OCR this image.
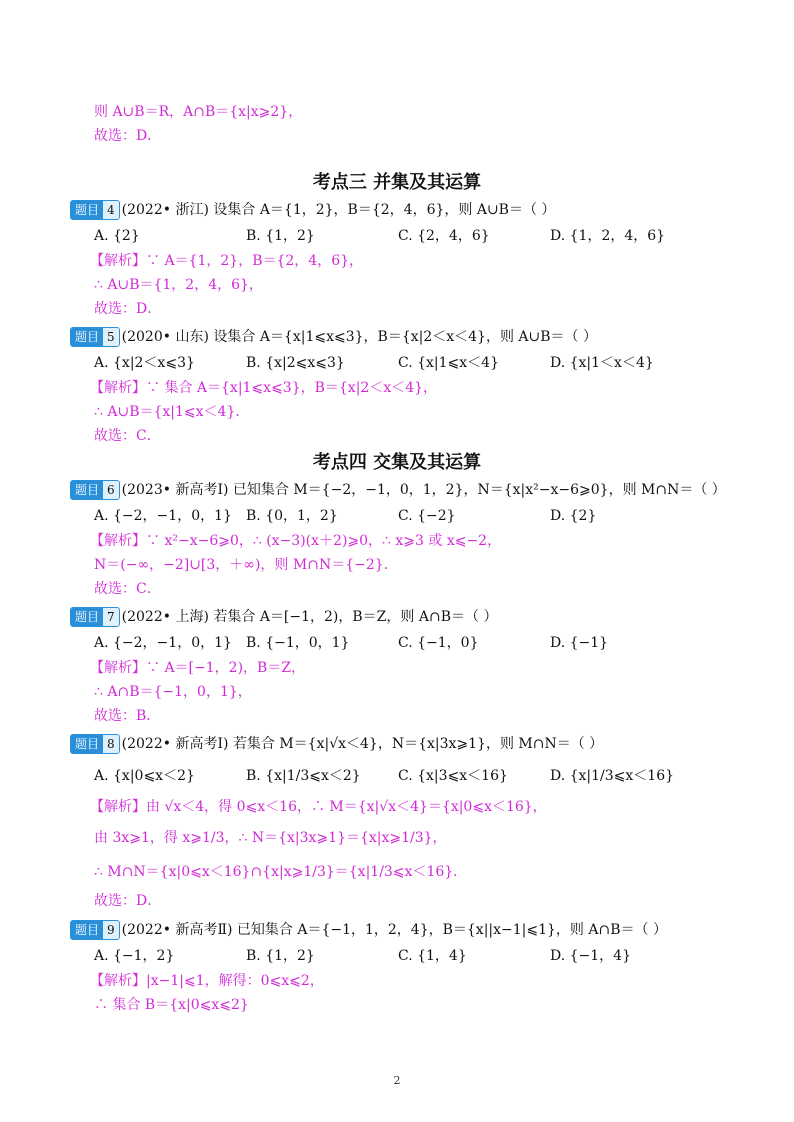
则 A∪B＝R，A∩B＝{x|x⩾2}，
故选：D．
考点三 并集及其运算
题目 4 (2022• 浙江) 设集合 A＝{1，2}，B＝{2，4，6}，则 A∪B＝（ ）
A. {2}	B. {1，2}	C. {2，4，6}	D. {1，2，4，6}
【解析】∵ A＝{1，2}，B＝{2，4，6}，
∴ A∪B＝{1，2，4，6}，
故选：D．
题目 5 (2020• 山东) 设集合 A＝{x|1⩽x⩽3}，B＝{x|2＜x＜4}，则 A∪B＝（ ）
A. {x|2＜x⩽3}	B. {x|2⩽x⩽3}	C. {x|1⩽x＜4}	D. {x|1＜x＜4}
【解析】∵ 集合 A＝{x|1⩽x⩽3}，B＝{x|2＜x＜4}，
∴ A∪B＝{x|1⩽x＜4}．
故选：C．
考点四 交集及其运算
题目 6 (2023• 新高考Ⅰ) 已知集合 M＝{−2，−1，0，1，2}，N＝{x|x²−x−6⩾0}，则 M∩N＝（ ）
A. {−2，−1，0，1} B. {0，1，2}	C. {−2}	D. {2}
【解析】∵ x²−x−6⩾0，∴ (x−3)(x＋2)⩾0，∴ x⩾3 或 x⩽−2，
N＝(−∞，−2]∪[3，＋∞)，则 M∩N＝{−2}．
故选：C．
题目 7 (2022• 上海) 若集合 A＝[−1，2)，B＝Z，则 A∩B＝（ ）
A. {−2，−1，0，1} B. {−1，0，1}	C. {−1，0}	D. {−1}
【解析】∵ A＝[−1，2)，B＝Z，
∴ A∩B＝{−1，0，1}，
故选：B．
题目 8 (2022• 新高考Ⅰ) 若集合 M＝{x|√x＜4}，N＝{x|3x⩾1}，则 M∩N＝（ ）
A. {x|0⩽x＜2}	B. {x|1/3⩽x＜2}	C. {x|3⩽x＜16}	D. {x|1/3⩽x＜16}
【解析】由 √x＜4，得 0⩽x＜16，∴ M＝{x|√x＜4}＝{x|0⩽x＜16}，
由 3x⩾1，得 x⩾1/3，∴ N＝{x|3x⩾1}＝{x|x⩾1/3}，
∴ M∩N＝{x|0⩽x＜16}∩{x|x⩾1/3}＝{x|1/3⩽x＜16}．
故选：D．
题目 9 (2022• 新高考Ⅱ) 已知集合 A＝{−1，1，2，4}，B＝{x||x−1|⩽1}，则 A∩B＝（ ）
A. {−1，2}	B. {1，2}	C. {1，4}	D. {−1，4}
【解析】|x−1|⩽1，解得：0⩽x⩽2，
∴ 集合 B＝{x|0⩽x⩽2}
2
